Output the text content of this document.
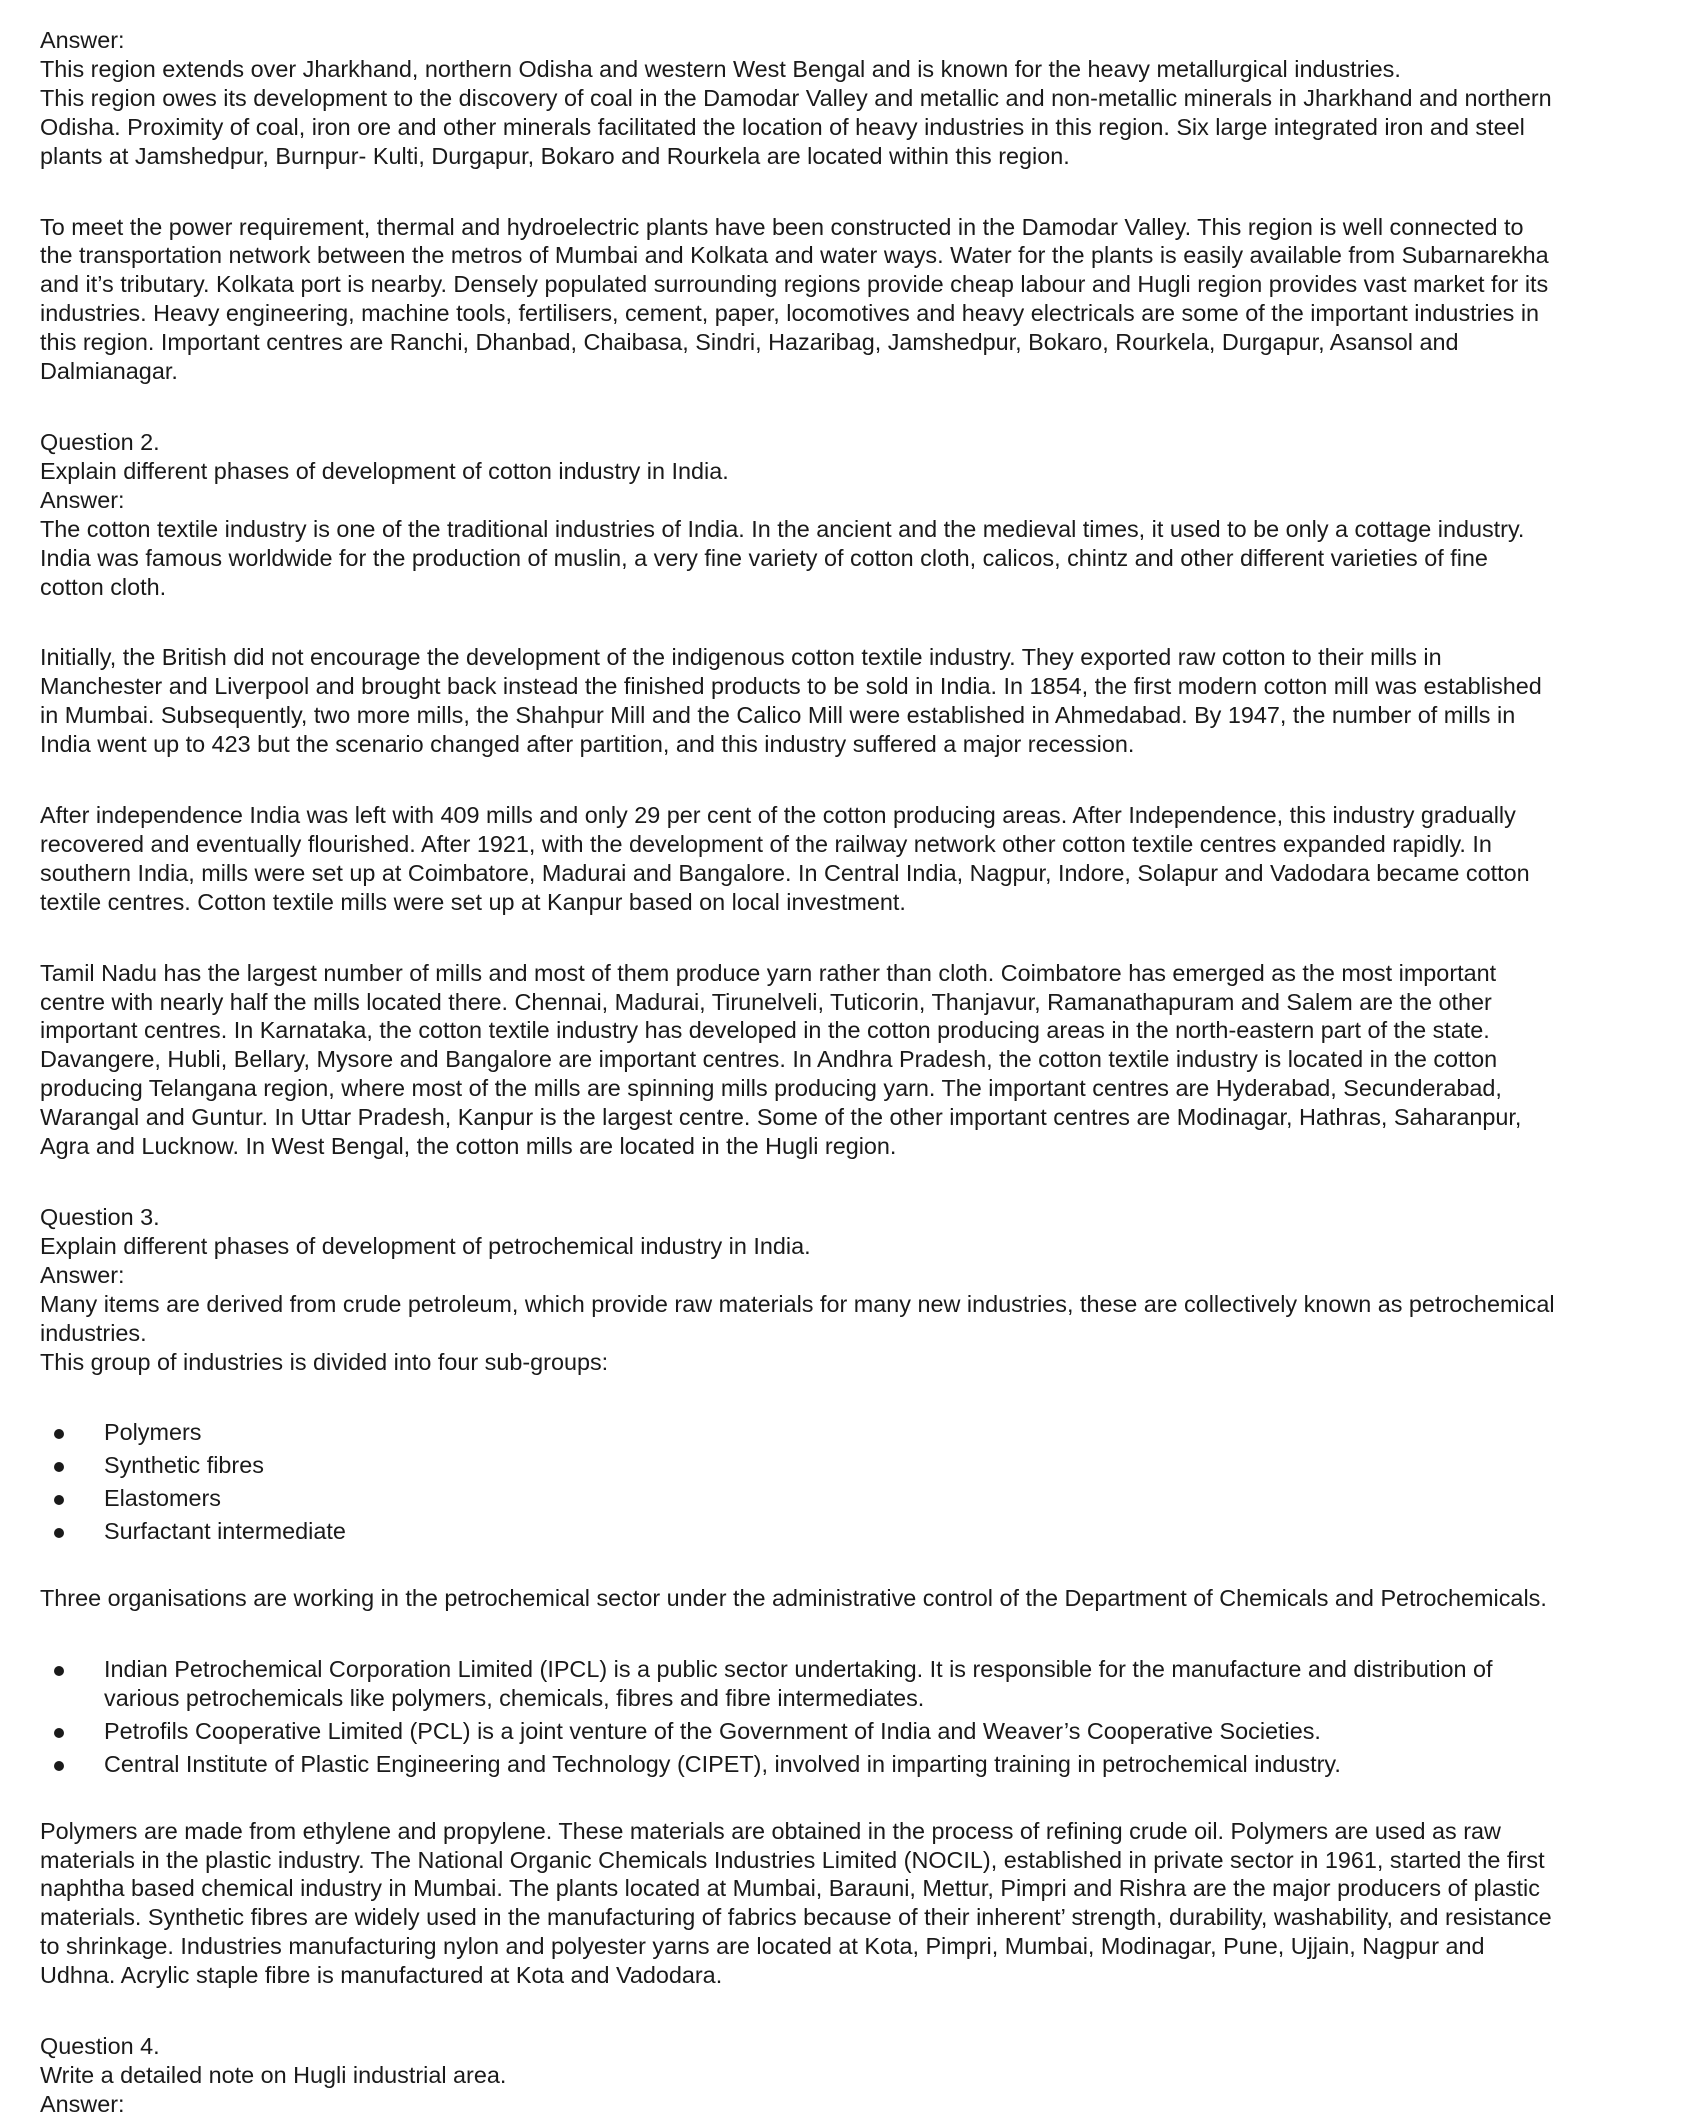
Answer:

This region extends over Jharkhand, northern Odisha and western West Bengal and is known for the heavy metallurgical industries.

This region owes its development to the discovery of coal in the Damodar Valley and metallic and non-metallic minerals in Jharkhand and northern

Odisha. Proximity of coal, iron ore and other minerals facilitated the location of heavy industries in this region. Six large integrated iron and steel

plants at Jamshedpur, Burnpur- Kulti, Durgapur, Bokaro and Rourkela are located within this region.

To meet the power requirement, thermal and hydroelectric plants have been constructed in the Damodar Valley. This region is well connected to

the transportation network between the metros of Mumbai and Kolkata and water ways. Water for the plants is easily available from Subarnarekha

and it’s tributary. Kolkata port is nearby. Densely populated surrounding regions provide cheap labour and Hugli region provides vast market for its

industries. Heavy engineering, machine tools, fertilisers, cement, paper, locomotives and heavy electricals are some of the important industries in

this region. Important centres are Ranchi, Dhanbad, Chaibasa, Sindri, Hazaribag, Jamshedpur, Bokaro, Rourkela, Durgapur, Asansol and

Dalmianagar.

Question 2.

Explain different phases of development of cotton industry in India.

Answer:

The cotton textile industry is one of the traditional industries of India. In the ancient and the medieval times, it used to be only a cottage industry.

India was famous worldwide for the production of muslin, a very fine variety of cotton cloth, calicos, chintz and other different varieties of fine

cotton cloth.

Initially, the British did not encourage the development of the indigenous cotton textile industry. They exported raw cotton to their mills in

Manchester and Liverpool and brought back instead the finished products to be sold in India. In 1854, the first modern cotton mill was established

in Mumbai. Subsequently, two more mills, the Shahpur Mill and the Calico Mill were established in Ahmedabad. By 1947, the number of mills in

India went up to 423 but the scenario changed after partition, and this industry suffered a major recession.

After independence India was left with 409 mills and only 29 per cent of the cotton producing areas. After Independence, this industry gradually

recovered and eventually flourished. After 1921, with the development of the railway network other cotton textile centres expanded rapidly. In

southern India, mills were set up at Coimbatore, Madurai and Bangalore. In Central India, Nagpur, Indore, Solapur and Vadodara became cotton

textile centres. Cotton textile mills were set up at Kanpur based on local investment.

Tamil Nadu has the largest number of mills and most of them produce yarn rather than cloth. Coimbatore has emerged as the most important

centre with nearly half the mills located there. Chennai, Madurai, Tirunelveli, Tuticorin, Thanjavur, Ramanathapuram and Salem are the other

important centres. In Karnataka, the cotton textile industry has developed in the cotton producing areas in the north-eastern part of the state.

Davangere, Hubli, Bellary, Mysore and Bangalore are important centres. In Andhra Pradesh, the cotton textile industry is located in the cotton

producing Telangana region, where most of the mills are spinning mills producing yarn. The important centres are Hyderabad, Secunderabad,

Warangal and Guntur. In Uttar Pradesh, Kanpur is the largest centre. Some of the other important centres are Modinagar, Hathras, Saharanpur,

Agra and Lucknow. In West Bengal, the cotton mills are located in the Hugli region.

Question 3.

Explain different phases of development of petrochemical industry in India.

Answer:

Many items are derived from crude petroleum, which provide raw materials for many new industries, these are collectively known as petrochemical

industries.

This group of industries is divided into four sub-groups:

Polymers
Synthetic fibres
Elastomers
Surfactant intermediate

Three organisations are working in the petrochemical sector under the administrative control of the Department of Chemicals and Petrochemicals.

Indian Petrochemical Corporation Limited (IPCL) is a public sector undertaking. It is responsible for the manufacture and distribution of
various petrochemicals like polymers, chemicals, fibres and fibre intermediates.
Petrofils Cooperative Limited (PCL) is a joint venture of the Government of India and Weaver’s Cooperative Societies.
Central Institute of Plastic Engineering and Technology (CIPET), involved in imparting training in petrochemical industry.

Polymers are made from ethylene and propylene. These materials are obtained in the process of refining crude oil. Polymers are used as raw

materials in the plastic industry. The National Organic Chemicals Industries Limited (NOCIL), established in private sector in 1961, started the first

naphtha based chemical industry in Mumbai. The plants located at Mumbai, Barauni, Mettur, Pimpri and Rishra are the major producers of plastic

materials. Synthetic fibres are widely used in the manufacturing of fabrics because of their inherent’ strength, durability, washability, and resistance

to shrinkage. Industries manufacturing nylon and polyester yarns are located at Kota, Pimpri, Mumbai, Modinagar, Pune, Ujjain, Nagpur and

Udhna. Acrylic staple fibre is manufactured at Kota and Vadodara.

Question 4.

Write a detailed note on Hugli industrial area.

Answer:
